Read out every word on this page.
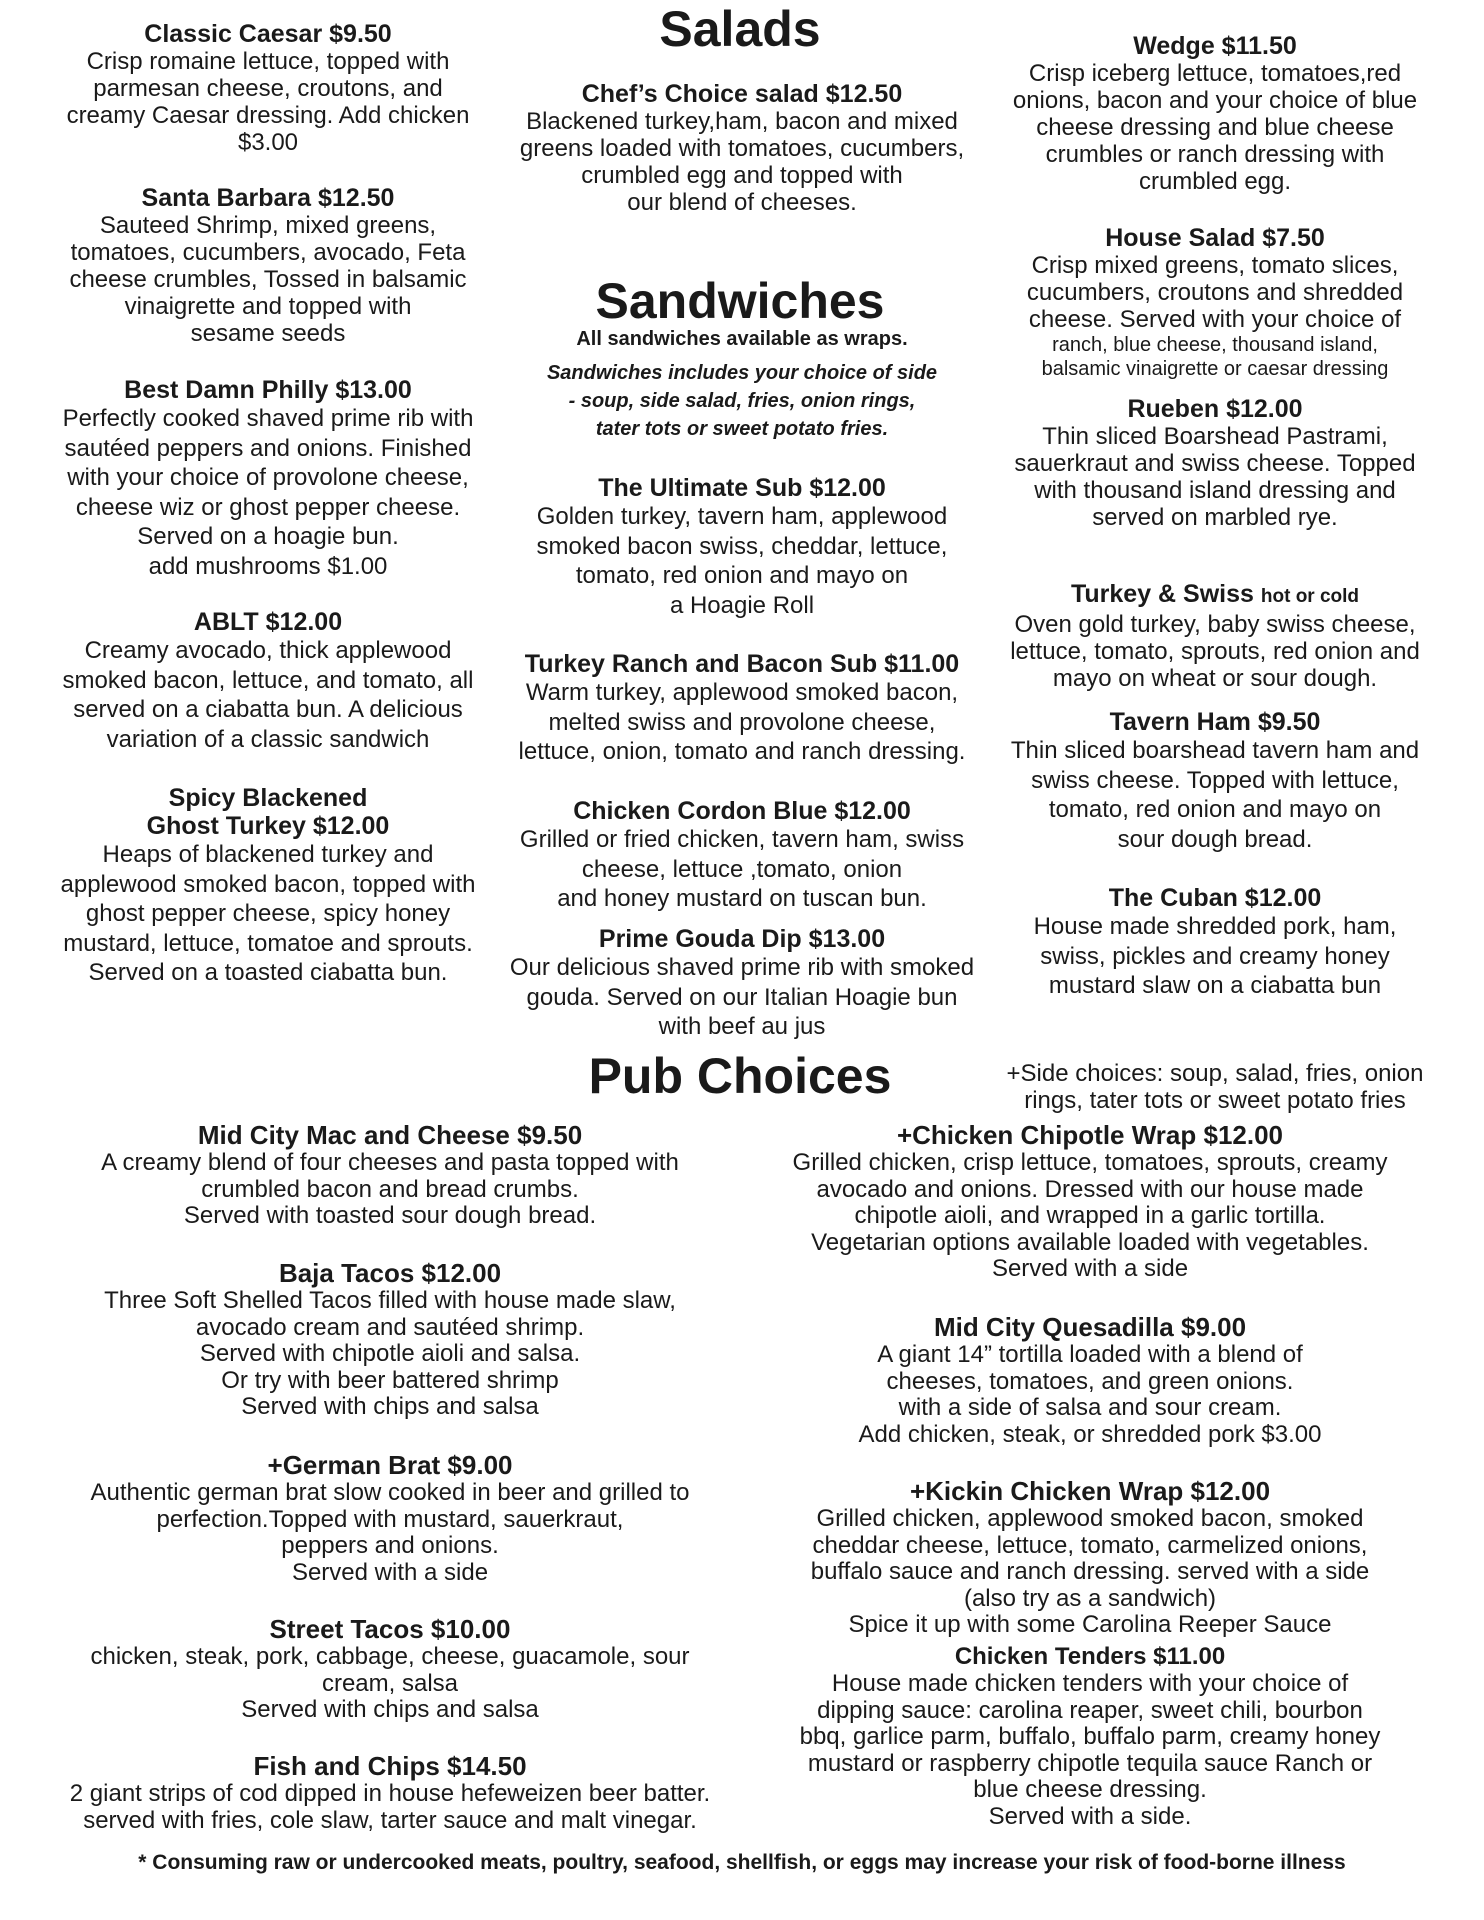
Salads
Sandwiches
Pub Choices
Classic Caesar $9.50
Crisp romaine lettuce, topped with
parmesan cheese, croutons, and
creamy Caesar dressing. Add chicken
$3.00
Santa Barbara $12.50
Sauteed Shrimp, mixed greens,
tomatoes, cucumbers, avocado, Feta
cheese crumbles, Tossed in balsamic
vinaigrette and topped with
sesame seeds
Best Damn Philly $13.00
Perfectly cooked shaved prime rib with
sautéed peppers and onions. Finished
with your choice of provolone cheese,
cheese wiz or ghost pepper cheese.
Served on a hoagie bun.
add mushrooms $1.00
ABLT $12.00
Creamy avocado, thick applewood
smoked bacon, lettuce, and tomato, all
served on a ciabatta bun. A delicious
variation of a classic sandwich
Spicy Blackened
Ghost Turkey $12.00
Heaps of blackened turkey and
applewood smoked bacon, topped with
ghost pepper cheese, spicy honey
mustard, lettuce, tomatoe and sprouts.
Served on a toasted ciabatta bun.
Chef’s Choice salad $12.50
Blackened turkey,ham, bacon and mixed
greens loaded with tomatoes, cucumbers,
crumbled egg and topped with
our blend of cheeses.
All sandwiches available as wraps.
Sandwiches includes your choice of side
- soup, side salad, fries, onion rings,
tater tots or sweet potato fries.
The Ultimate Sub $12.00
Golden turkey, tavern ham, applewood
smoked bacon swiss, cheddar, lettuce,
tomato, red onion and mayo on
a Hoagie Roll
Turkey Ranch and Bacon Sub $11.00
Warm turkey, applewood smoked bacon,
melted swiss and provolone cheese,
lettuce, onion, tomato and ranch dressing.
Chicken Cordon Blue $12.00
Grilled or fried chicken, tavern ham, swiss
cheese, lettuce ,tomato, onion
and honey mustard on tuscan bun.
Prime Gouda Dip $13.00
Our delicious shaved prime rib with smoked
gouda. Served on our Italian Hoagie bun
with beef au jus
Wedge $11.50
Crisp iceberg lettuce, tomatoes,red
onions, bacon and your choice of blue
cheese dressing and blue cheese
crumbles or ranch dressing with
crumbled egg.
House Salad $7.50
Crisp mixed greens, tomato slices,
cucumbers, croutons and shredded
cheese. Served with your choice of
ranch, blue cheese, thousand island,
balsamic vinaigrette or caesar dressing
Rueben $12.00
Thin sliced Boarshead Pastrami,
sauerkraut and swiss cheese. Topped
with thousand island dressing and
served on marbled rye.
Turkey & Swiss hot or cold
Oven gold turkey, baby swiss cheese,
lettuce, tomato, sprouts, red onion and
mayo on wheat or sour dough.
Tavern Ham $9.50
Thin sliced boarshead tavern ham and
swiss cheese. Topped with lettuce,
tomato, red onion and mayo on
sour dough bread.
The Cuban $12.00
House made shredded pork, ham,
swiss, pickles and creamy honey
mustard slaw on a ciabatta bun
+Side choices: soup, salad, fries, onion
rings, tater tots or sweet potato fries
Mid City Mac and Cheese $9.50
A creamy blend of four cheeses and pasta topped with
crumbled bacon and bread crumbs.
Served with toasted sour dough bread.
Baja Tacos $12.00
Three Soft Shelled Tacos filled with house made slaw,
avocado cream and sautéed shrimp.
Served with chipotle aioli and salsa.
Or try with beer battered shrimp
Served with chips and salsa
+German Brat $9.00
Authentic german brat slow cooked in beer and grilled to
perfection.Topped with mustard, sauerkraut,
peppers and onions.
Served with a side
Street Tacos $10.00
chicken, steak, pork, cabbage, cheese, guacamole, sour
cream, salsa
Served with chips and salsa
Fish and Chips $14.50
2 giant strips of cod dipped in house hefeweizen beer batter.
served with fries, cole slaw, tarter sauce and malt vinegar.
+Chicken Chipotle Wrap $12.00
Grilled chicken, crisp lettuce, tomatoes, sprouts, creamy
avocado and onions. Dressed with our house made
chipotle aioli, and wrapped in a garlic tortilla.
Vegetarian options available loaded with vegetables.
Served with a side
Mid City Quesadilla $9.00
A giant 14” tortilla loaded with a blend of
cheeses, tomatoes, and green onions.
with a side of salsa and sour cream.
Add chicken, steak, or shredded pork $3.00
+Kickin Chicken Wrap $12.00
Grilled chicken, applewood smoked bacon, smoked
cheddar cheese, lettuce, tomato, carmelized onions,
buffalo sauce and ranch dressing. served with a side
(also try as a sandwich)
Spice it up with some Carolina Reeper Sauce
Chicken Tenders $11.00
House made chicken tenders with your choice of
dipping sauce: carolina reaper, sweet chili, bourbon
bbq, garlice parm, buffalo, buffalo parm, creamy honey
mustard or raspberry chipotle tequila sauce Ranch or
blue cheese dressing.
Served with a side.
* Consuming raw or undercooked meats, poultry, seafood, shellfish, or eggs may increase your risk of food-borne illness
